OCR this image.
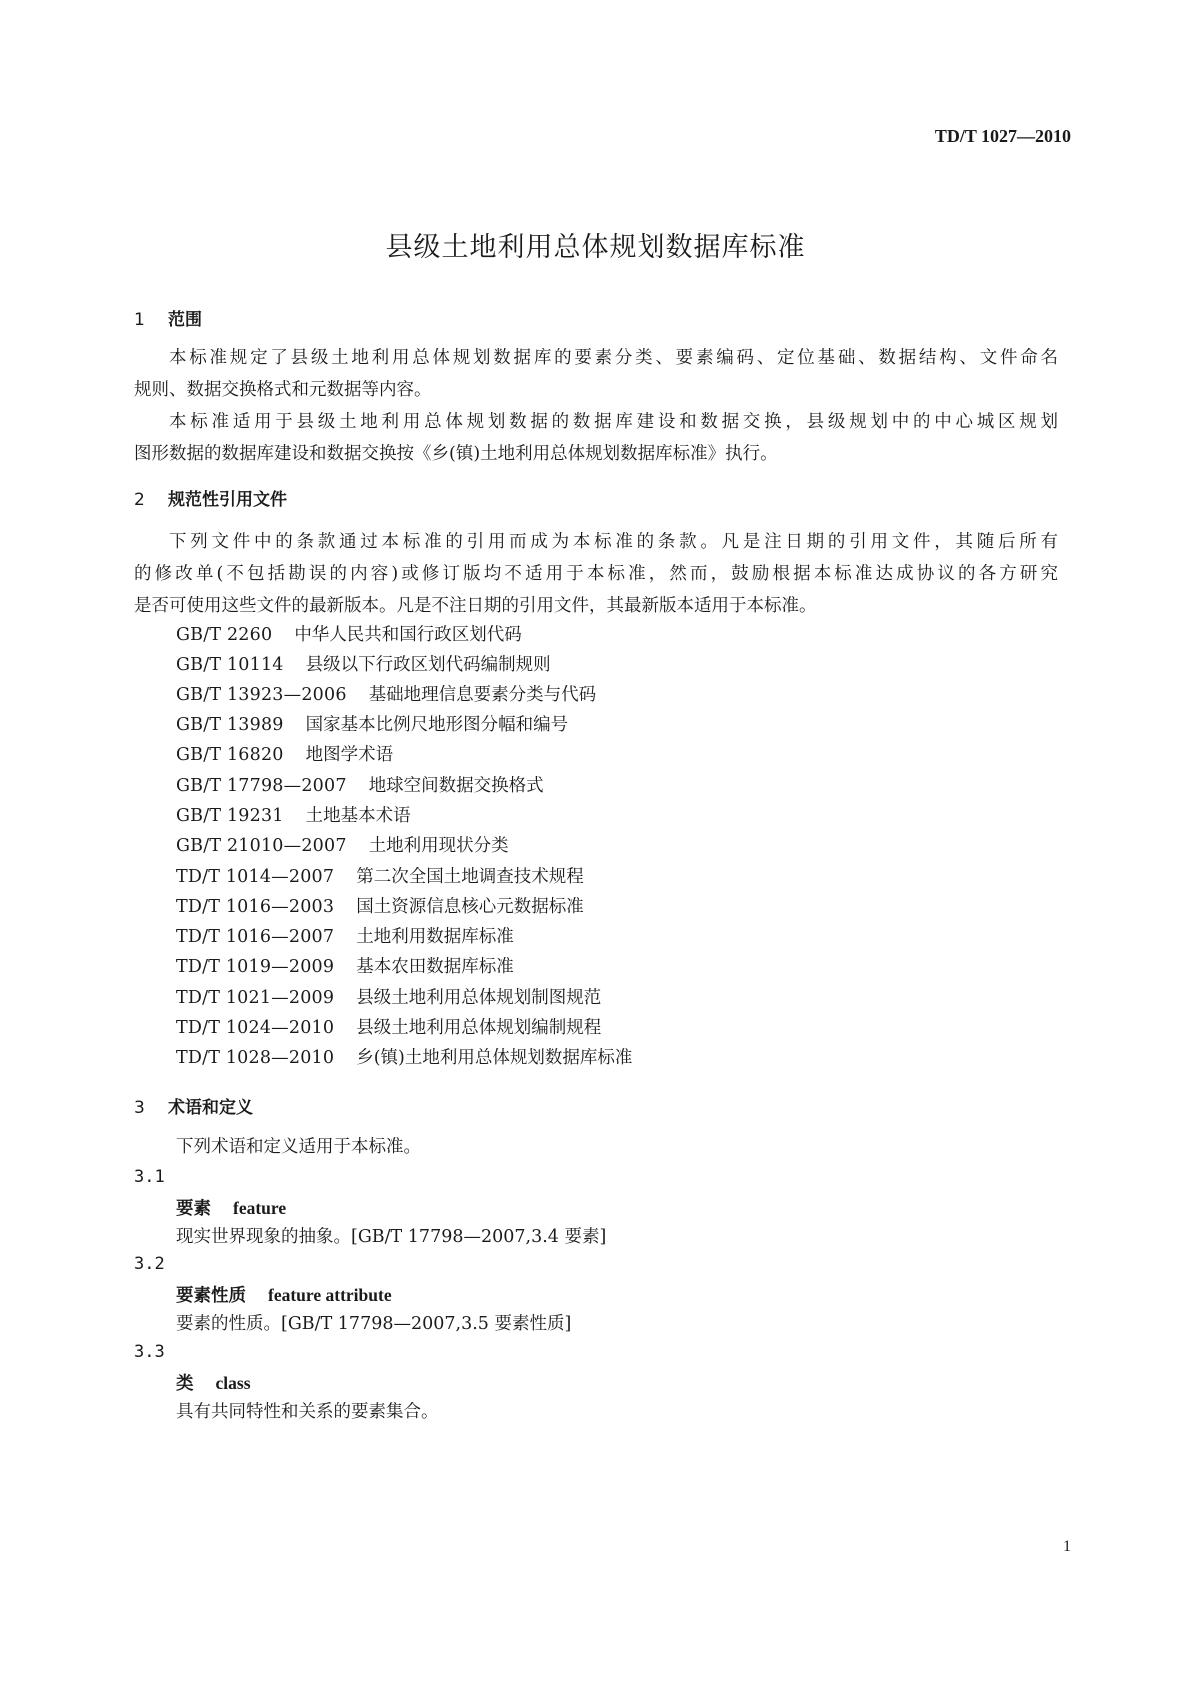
TD/T 1027—2010
县级土地利用总体规划数据库标准
1 范围
本标准规定了县级土地利用总体规划数据库的要素分类、要素编码、定位基础、数据结构、文件命名
规则、数据交换格式和元数据等内容。
本标准适用于县级土地利用总体规划数据的数据库建设和数据交换，县级规划中的中心城区规划
图形数据的数据库建设和数据交换按《乡(镇)土地利用总体规划数据库标准》执行。
2 规范性引用文件
下列文件中的条款通过本标准的引用而成为本标准的条款。凡是注日期的引用文件，其随后所有
的修改单(不包括勘误的内容)或修订版均不适用于本标准，然而，鼓励根据本标准达成协议的各方研究
是否可使用这些文件的最新版本。凡是不注日期的引用文件，其最新版本适用于本标准。
GB/T 2260 中华人民共和国行政区划代码
GB/T 10114 县级以下行政区划代码编制规则
GB/T 13923—2006 基础地理信息要素分类与代码
GB/T 13989 国家基本比例尺地形图分幅和编号
GB/T 16820 地图学术语
GB/T 17798—2007 地球空间数据交换格式
GB/T 19231 土地基本术语
GB/T 21010—2007 土地利用现状分类
TD/T 1014—2007 第二次全国土地调查技术规程
TD/T 1016—2003 国土资源信息核心元数据标准
TD/T 1016—2007 土地利用数据库标准
TD/T 1019—2009 基本农田数据库标准
TD/T 1021—2009 县级土地利用总体规划制图规范
TD/T 1024—2010 县级土地利用总体规划编制规程
TD/T 1028—2010 乡(镇)土地利用总体规划数据库标准
3 术语和定义
下列术语和定义适用于本标准。
3.1
要素 feature
现实世界现象的抽象。[GB/T 17798—2007,3.4 要素]
3.2
要素性质 feature attribute
要素的性质。[GB/T 17798—2007,3.5 要素性质]
3.3
类 class
具有共同特性和关系的要素集合。
1
